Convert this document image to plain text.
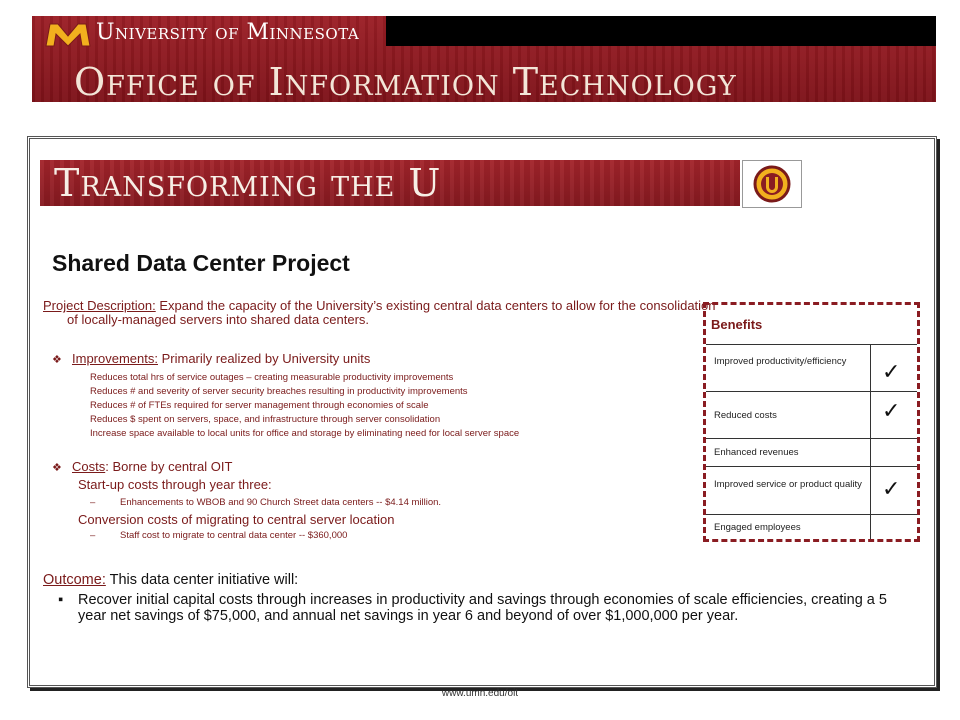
University of Minnesota
Office of Information Technology
Transforming the U
Shared Data Center Project
Project Description: Expand the capacity of the University’s existing central data centers to allow for the consolidation of locally-managed servers into shared data centers.
❖ Improvements: Primarily realized by University units
Reduces total hrs of service outages – creating measurable productivity improvements
Reduces # and severity of server security breaches resulting in productivity improvements
Reduces # of FTEs required for server management through economies of scale
Reduces $ spent on servers, space, and infrastructure through server consolidation
Increase space available to local units for office and storage by eliminating need for local server space
❖ Costs: Borne by central OIT
Start-up costs through year three:
–	Enhancements to WBOB and 90 Church Street data centers -- $4.14 million.
Conversion costs of migrating to central server location
–	Staff cost to migrate to central data center -- $360,000
Outcome: This data center initiative will:
▪ Recover initial capital costs through increases in productivity and savings through economies of scale efficiencies, creating a 5 year net savings of $75,000, and annual net savings in year 6 and beyond of over $1,000,000 per year.
Benefits
Improved productivity/efficiency
Reduced costs
Enhanced revenues
Improved service or product quality
Engaged employees
✓
✓
✓
www.umn.edu/oit
